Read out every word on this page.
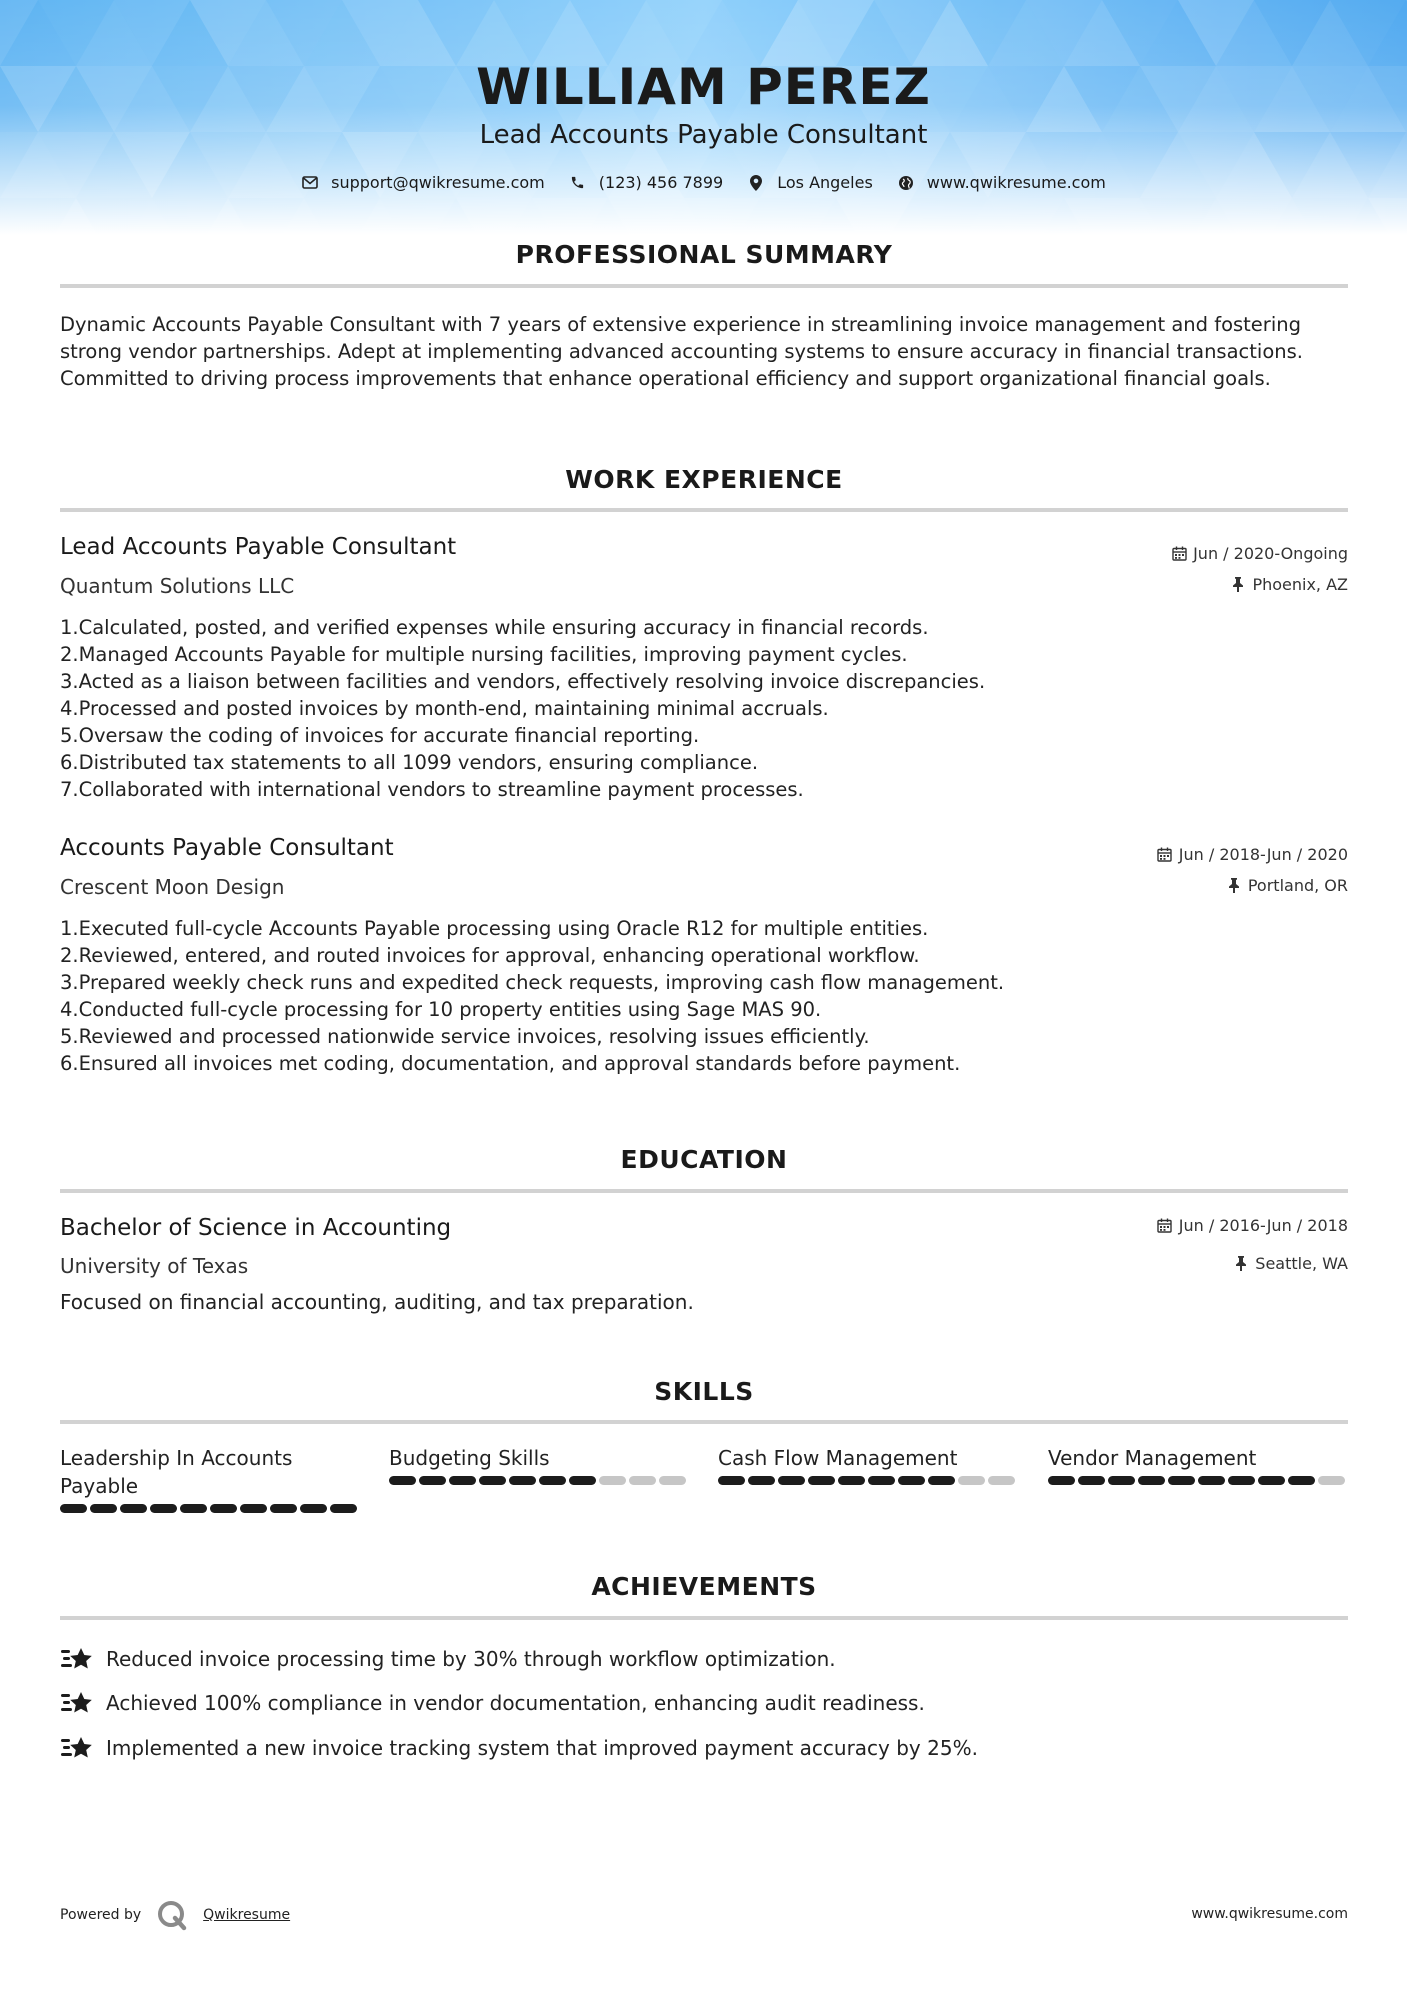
WILLIAM PEREZ
Lead Accounts Payable Consultant
support@qwikresume.com	(123) 456 7899	Los Angeles	www.qwikresume.com
PROFESSIONAL SUMMARY
Dynamic Accounts Payable Consultant with 7 years of extensive experience in streamlining invoice management and fostering strong vendor partnerships. Adept at implementing advanced accounting systems to ensure accuracy in financial transactions. Committed to driving process improvements that enhance operational efficiency and support organizational financial goals.
WORK EXPERIENCE
Lead Accounts Payable Consultant
Quantum Solutions LLC
Jun / 2020-Ongoing
Phoenix, AZ
1. Calculated, posted, and verified expenses while ensuring accuracy in financial records.
2. Managed Accounts Payable for multiple nursing facilities, improving payment cycles.
3. Acted as a liaison between facilities and vendors, effectively resolving invoice discrepancies.
4. Processed and posted invoices by month-end, maintaining minimal accruals.
5. Oversaw the coding of invoices for accurate financial reporting.
6. Distributed tax statements to all 1099 vendors, ensuring compliance.
7. Collaborated with international vendors to streamline payment processes.
Accounts Payable Consultant
Crescent Moon Design
Jun / 2018-Jun / 2020
Portland, OR
1. Executed full-cycle Accounts Payable processing using Oracle R12 for multiple entities.
2. Reviewed, entered, and routed invoices for approval, enhancing operational workflow.
3. Prepared weekly check runs and expedited check requests, improving cash flow management.
4. Conducted full-cycle processing for 10 property entities using Sage MAS 90.
5. Reviewed and processed nationwide service invoices, resolving issues efficiently.
6. Ensured all invoices met coding, documentation, and approval standards before payment.
EDUCATION
Bachelor of Science in Accounting
University of Texas
Jun / 2016-Jun / 2018
Seattle, WA
Focused on financial accounting, auditing, and tax preparation.
SKILLS
Leadership In Accounts Payable
Budgeting Skills	Cash Flow Management	Vendor Management
ACHIEVEMENTS
Reduced invoice processing time by 30% through workflow optimization.
Achieved 100% compliance in vendor documentation, enhancing audit readiness.
Implemented a new invoice tracking system that improved payment accuracy by 25%.
Powered by	Qwikresume	www.qwikresume.com
